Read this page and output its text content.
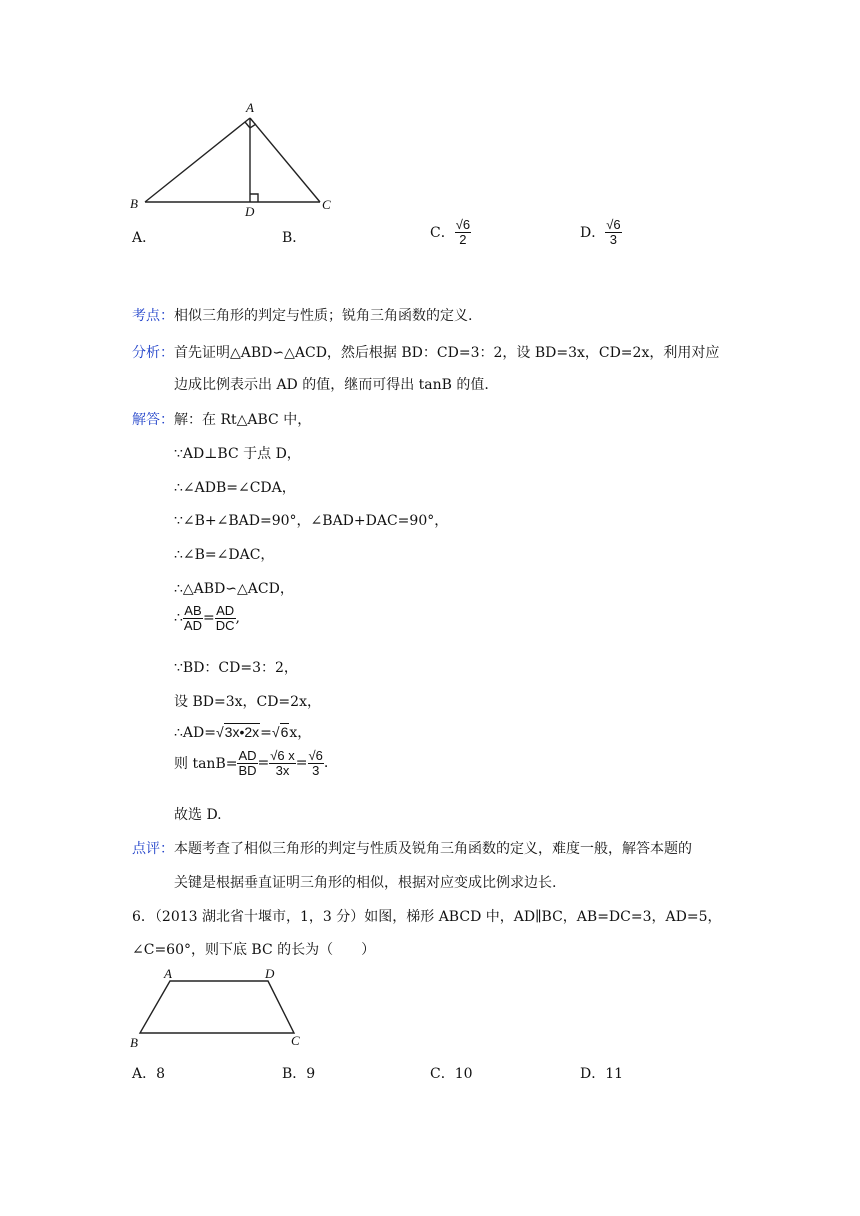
A
B
D	C
A．	B．	C． $\frac{√6}{2}$	D． $\frac{√6}{3}$
考点：相似三角形的判定与性质；锐角三角函数的定义.
分析：首先证明△ABD∽△ACD，然后根据 BD：CD=3：2，设 BD=3x，CD=2x，利用对应
边成比例表示出 AD 的值，继而可得出 tanB 的值.
解答：解：在 Rt△ABC 中，
∵AD⊥BC 于点 D，
∴∠ADB=∠CDA，
∵∠B+∠BAD=90°，∠BAD+DAC=90°，
∴∠B=∠DAC，
∴△ABD∽△ACD，
∴ $\frac{AB}{AD} = \frac{AD}{DC}$ ,
∵BD：CD=3：2，
设 BD=3x，CD=2x，
∴AD=√3x•2x=√6x，
则 $\tan B= \frac{AD}{BD} = \frac{√6 x}{3x} = \frac{√6}{3}$ .
故选 D.
点评：本题考查了相似三角形的判定与性质及锐角三角函数的定义，难度一般，解答本题的
关键是根据垂直证明三角形的相似，根据对应变成比例求边长.
6．（2013 湖北省十堰市，1，3 分）如图，梯形 ABCD 中，AD∥BC，AB=DC=3，AD=5，
∠C=60°，则下底 BC 的长为（　　）
A	D
B	C
A．8	B．9	C．10	D．11
